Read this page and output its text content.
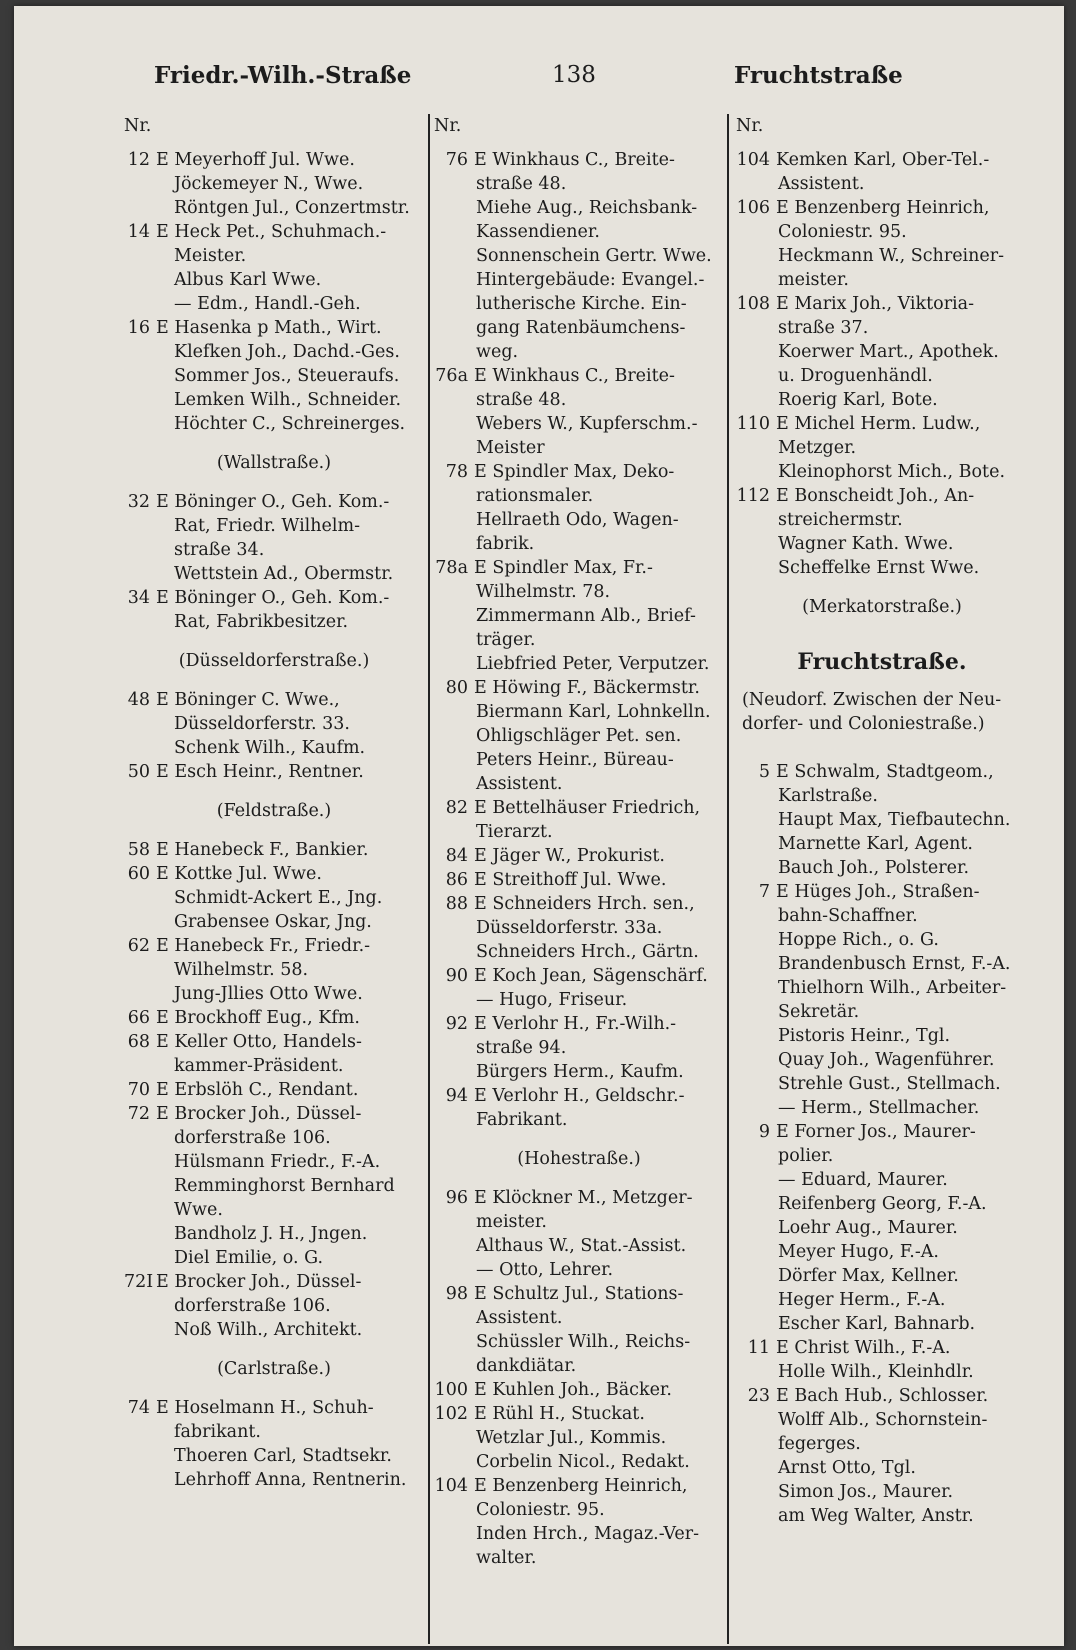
Friedr.-Wilh.-Straße	138	Fruchtstraße
Nr.
12 E Meyerhoff Jul. Wwe.
Jöckemeyer N., Wwe.
Röntgen Jul., Conzertmstr.
14 E Heck Pet., Schuhmach.-
Meister.
Albus Karl Wwe.
— Edm., Handl.-Geh.
16 E Hasenka p Math., Wirt.
Klefken Joh., Dachd.-Ges.
Sommer Jos., Steueraufs.
Lemken Wilh., Schneider.
Höchter C., Schreinerges.
(Wallstraße.)
32 E Böninger O., Geh. Kom.-
Rat, Friedr. Wilhelm-
straße 34.
Wettstein Ad., Obermstr.
34 E Böninger O., Geh. Kom.-
Rat, Fabrikbesitzer.
(Düsseldorferstraße.)
48 E Böninger C. Wwe.,
Düsseldorferstr. 33.
Schenk Wilh., Kaufm.
50 E Esch Heinr., Rentner.
(Feldstraße.)
58 E Hanebeck F., Bankier.
60 E Kottke Jul. Wwe.
Schmidt-Ackert E., Jng.
Grabensee Oskar, Jng.
62 E Hanebeck Fr., Friedr.-
Wilhelmstr. 58.
Jung-Jllies Otto Wwe.
66 E Brockhoff Eug., Kfm.
68 E Keller Otto, Handels-
kammer-Präsident.
70 E Erbslöh C., Rendant.
72 E Brocker Joh., Düssel-
dorferstraße 106.
Hülsmann Friedr., F.-A.
Remminghorst Bernhard
Wwe.
Bandholz J. H., Jngen.
Diel Emilie, o. G.
72I E Brocker Joh., Düssel-
dorferstraße 106.
Noß Wilh., Architekt.
(Carlstraße.)
74 E Hoselmann H., Schuh-
fabrikant.
Thoeren Carl, Stadtsekr.
Lehrhoff Anna, Rentnerin.
Nr.
76 E Winkhaus C., Breite-
straße 48.
Miehe Aug., Reichsbank-
Kassendiener.
Sonnenschein Gertr. Wwe.
Hintergebäude: Evangel.-
lutherische Kirche. Ein-
gang Ratenbäumchens-
weg.
76a E Winkhaus C., Breite-
straße 48.
Webers W., Kupferschm.-
Meister
78 E Spindler Max, Deko-
rationsmaler.
Hellraeth Odo, Wagen-
fabrik.
78a E Spindler Max, Fr.-
Wilhelmstr. 78.
Zimmermann Alb., Brief-
träger.
Liebfried Peter, Verputzer.
80 E Höwing F., Bäckermstr.
Biermann Karl, Lohnkelln.
Ohligschläger Pet. sen.
Peters Heinr., Büreau-
Assistent.
82 E Bettelhäuser Friedrich,
Tierarzt.
84 E Jäger W., Prokurist.
86 E Streithoff Jul. Wwe.
88 E Schneiders Hrch. sen.,
Düsseldorferstr. 33a.
Schneiders Hrch., Gärtn.
90 E Koch Jean, Sägenschärf.
— Hugo, Friseur.
92 E Verlohr H., Fr.-Wilh.-
straße 94.
Bürgers Herm., Kaufm.
94 E Verlohr H., Geldschr.-
Fabrikant.
(Hohestraße.)
96 E Klöckner M., Metzger-
meister.
Althaus W., Stat.-Assist.
— Otto, Lehrer.
98 E Schultz Jul., Stations-
Assistent.
Schüssler Wilh., Reichs-
dankdiätar.
100 E Kuhlen Joh., Bäcker.
102 E Rühl H., Stuckat.
Wetzlar Jul., Kommis.
Corbelin Nicol., Redakt.
104 E Benzenberg Heinrich,
Coloniestr. 95.
Inden Hrch., Magaz.-Ver-
walter.
Nr.
104 Kemken Karl, Ober-Tel.-
Assistent.
106 E Benzenberg Heinrich,
Coloniestr. 95.
Heckmann W., Schreiner-
meister.
108 E Marix Joh., Viktoria-
straße 37.
Koerwer Mart., Apothek.
u. Droguenhändl.
Roerig Karl, Bote.
110 E Michel Herm. Ludw.,
Metzger.
Kleinophorst Mich., Bote.
112 E Bonscheidt Joh., An-
streichermstr.
Wagner Kath. Wwe.
Scheffelke Ernst Wwe.
(Merkatorstraße.)
Fruchtstraße.
(Neudorf. Zwischen der Neu-
dorfer- und Coloniestraße.)
5 E Schwalm, Stadtgeom.,
Karlstraße.
Haupt Max, Tiefbautechn.
Marnette Karl, Agent.
Bauch Joh., Polsterer.
7 E Hüges Joh., Straßen-
bahn-Schaffner.
Hoppe Rich., o. G.
Brandenbusch Ernst, F.-A.
Thielhorn Wilh., Arbeiter-
Sekretär.
Pistoris Heinr., Tgl.
Quay Joh., Wagenführer.
Strehle Gust., Stellmach.
— Herm., Stellmacher.
9 E Forner Jos., Maurer-
polier.
— Eduard, Maurer.
Reifenberg Georg, F.-A.
Loehr Aug., Maurer.
Meyer Hugo, F.-A.
Dörfer Max, Kellner.
Heger Herm., F.-A.
Escher Karl, Bahnarb.
11 E Christ Wilh., F.-A.
Holle Wilh., Kleinhdlr.
23 E Bach Hub., Schlosser.
Wolff Alb., Schornstein-
fegerges.
Arnst Otto, Tgl.
Simon Jos., Maurer.
am Weg Walter, Anstr.
